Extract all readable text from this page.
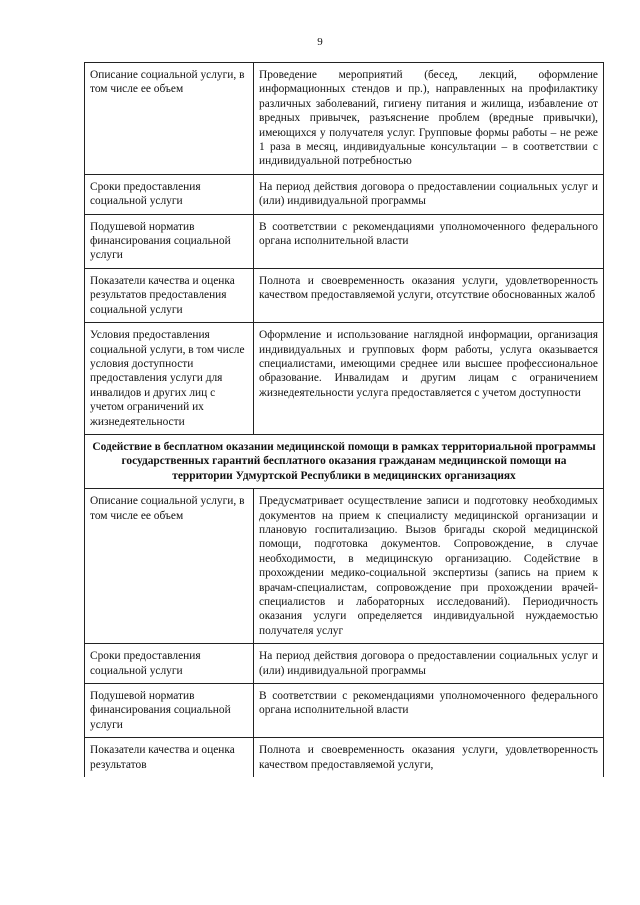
9
Описание социальной услуги, в том числе ее объем	Проведение мероприятий (бесед, лекций, оформление информационных стендов и пр.), направленных на профилактику различных заболеваний, гигиену питания и жилища, избавление от вредных привычек, разъяснение проблем (вредные привычки), имеющихся у получателя услуг. Групповые формы работы – не реже 1 раза в месяц, индивидуальные консультации – в соответствии с индивидуальной потребностью
Сроки предоставления социальной услуги	На период действия договора о предоставлении социальных услуг и (или) индивидуальной программы
Подушевой норматив финансирования социальной услуги	В соответствии с рекомендациями уполномоченного федерального органа исполнительной власти
Показатели качества и оценка результатов предоставления социальной услуги	Полнота и своевременность оказания услуги, удовлетворенность качеством предоставляемой услуги, отсутствие обоснованных жалоб
Условия предоставления социальной услуги, в том числе условия доступности предоставления услуги для инвалидов и других лиц с учетом ограничений их жизнедеятельности	Оформление и использование наглядной информации, организация индивидуальных и групповых форм работы, услуга оказывается специалистами, имеющими среднее или высшее профессиональное образование. Инвалидам и другим лицам с ограничением жизнедеятельности услуга предоставляется с учетом доступности
Содействие в бесплатном оказании медицинской помощи в рамках территориальной программы государственных гарантий бесплатного оказания гражданам медицинской помощи на территории Удмуртской Республики в медицинских организациях	
Описание социальной услуги, в том числе ее объем	Предусматривает осуществление записи и подготовку необходимых документов на прием к специалисту медицинской организации и плановую госпитализацию. Вызов бригады скорой медицинской помощи, подготовка документов. Сопровождение, в случае необходимости, в медицинскую организацию. Содействие в прохождении медико-социальной экспертизы (запись на прием к врачам-специалистам, сопровождение при прохождении врачей-специалистов и лабораторных исследований). Периодичность оказания услуги определяется индивидуальной нуждаемостью получателя услуг
Сроки предоставления социальной услуги	На период действия договора о предоставлении социальных услуг и (или) индивидуальной программы
Подушевой норматив финансирования социальной услуги	В соответствии с рекомендациями уполномоченного федерального органа исполнительной власти
Показатели качества и оценка результатов	Полнота и своевременность оказания услуги, удовлетворенность качеством предоставляемой услуги,
